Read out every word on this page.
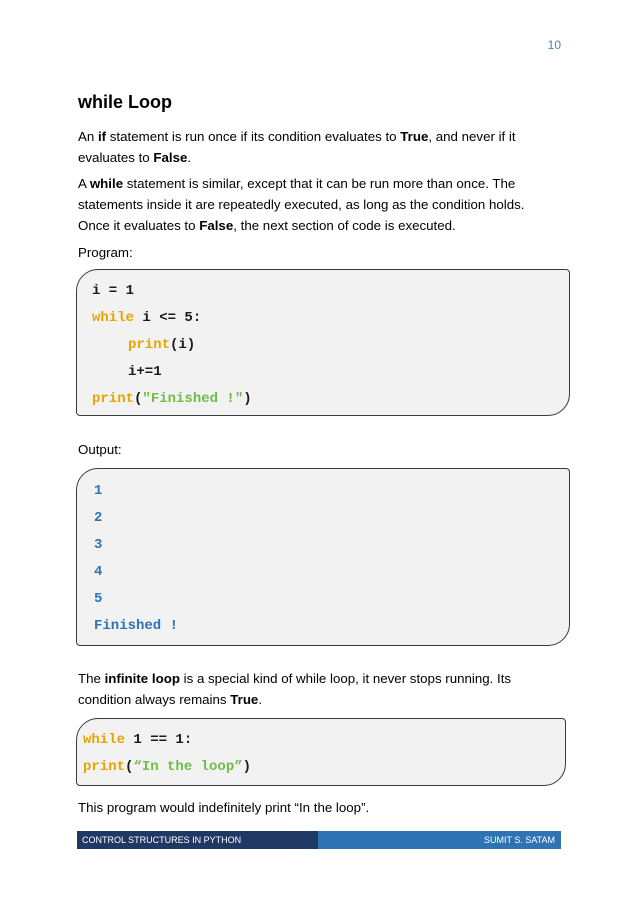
10
while Loop

An if statement is run once if its condition evaluates to True, and never if it evaluates to False.

A while statement is similar, except that it can be run more than once. The statements inside it are repeatedly executed, as long as the condition holds. Once it evaluates to False, the next section of code is executed.

Program:

i = 1
while i <= 5:
print(i)
i+=1
print("Finished !")

Output:

1
2
3
4
5
Finished !

The infinite loop is a special kind of while loop, it never stops running. Its condition always remains True.

while 1 == 1:
print(“In the loop”)

This program would indefinitely print “In the loop”.

CONTROL STRUCTURES IN PYTHON	SUMIT S. SATAM
